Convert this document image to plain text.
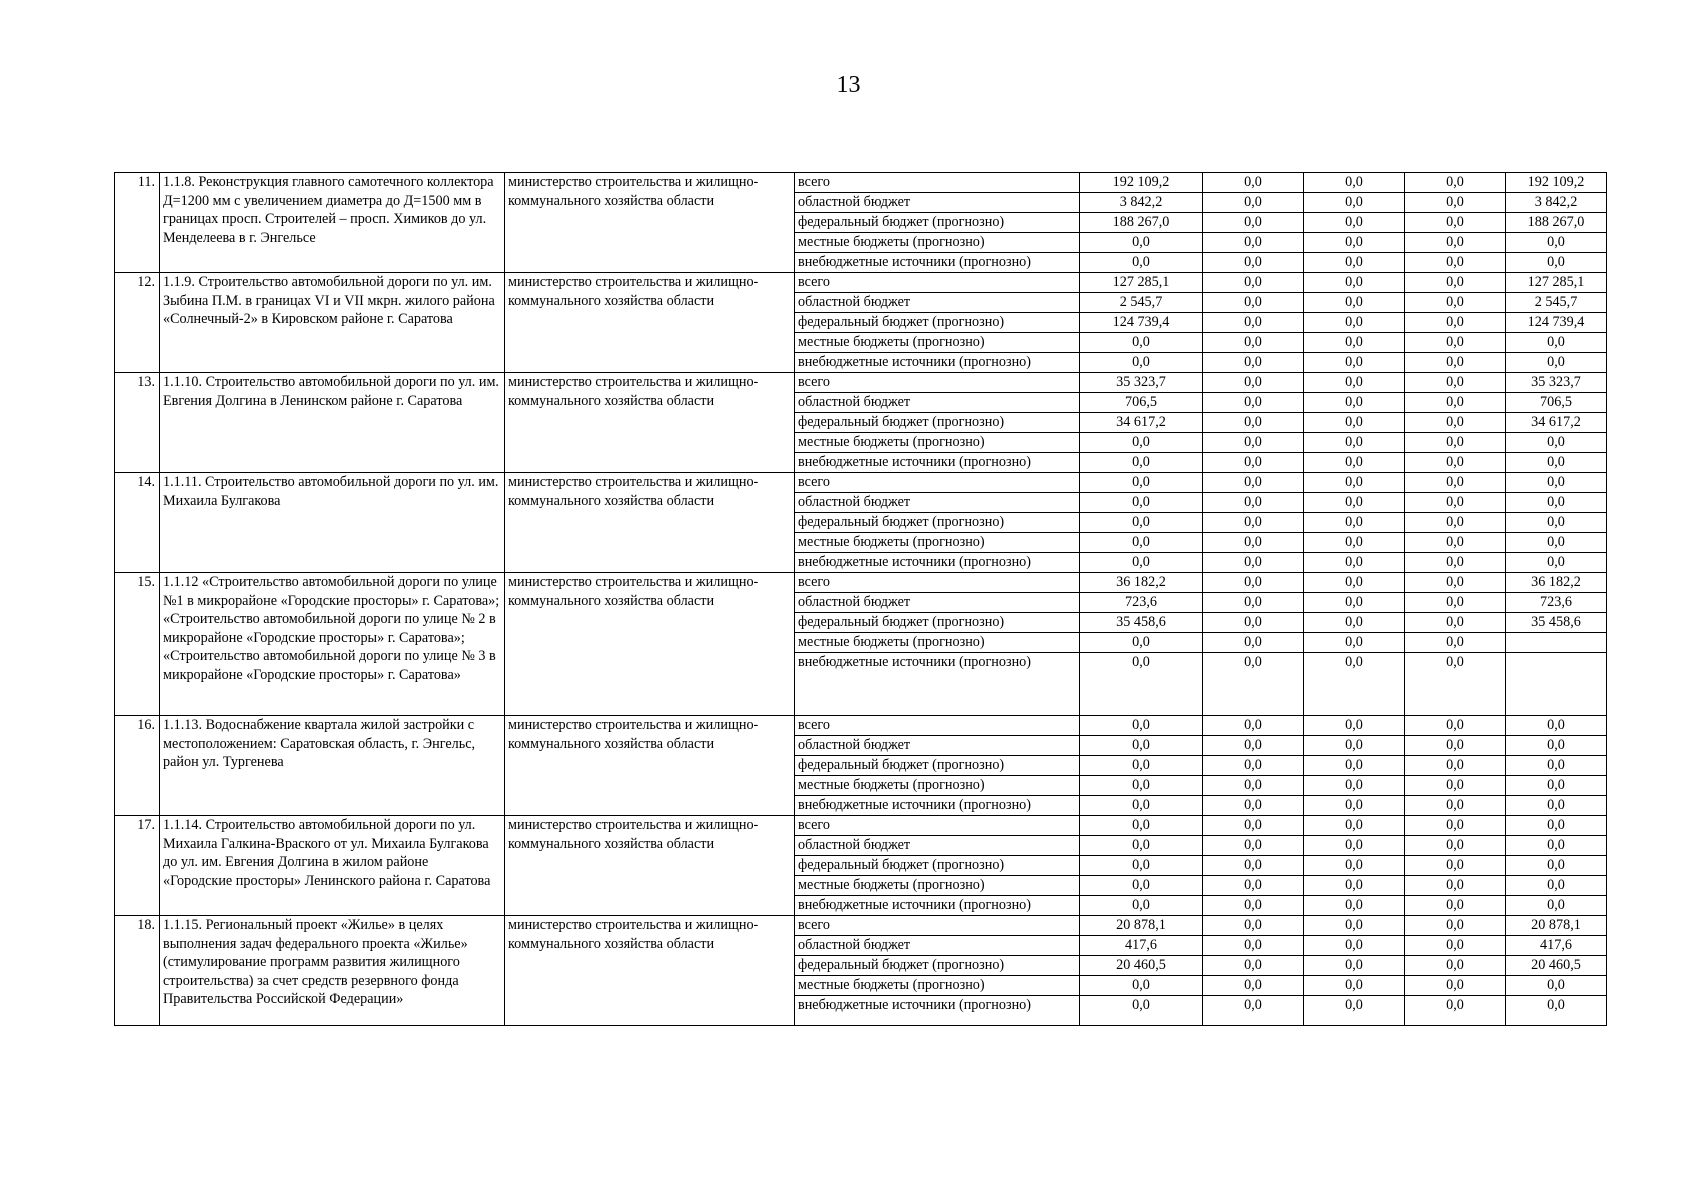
13
11.	1.1.8. Реконструкция главного самотечного коллектора Д=1200 мм с увеличением диаметра до Д=1500 мм в границах просп. Строителей – просп. Химиков до ул. Менделеева в г. Энгельсе	министерство строительства и жилищно-коммунального хозяйства области	всего	192 109,2	0,0	0,0	0,0	192 109,2
			областной бюджет	3 842,2	0,0	0,0	0,0	3 842,2
			федеральный бюджет (прогнозно)	188 267,0	0,0	0,0	0,0	188 267,0
			местные бюджеты (прогнозно)	0,0	0,0	0,0	0,0	0,0
			внебюджетные источники (прогнозно)	0,0	0,0	0,0	0,0	0,0
12.	1.1.9. Строительство автомобильной дороги по ул. им. Зыбина П.М. в границах VI и VII мкрн. жилого района «Солнечный-2» в Кировском районе г. Саратова	министерство строительства и жилищно-коммунального хозяйства области	всего	127 285,1	0,0	0,0	0,0	127 285,1
			областной бюджет	2 545,7	0,0	0,0	0,0	2 545,7
			федеральный бюджет (прогнозно)	124 739,4	0,0	0,0	0,0	124 739,4
			местные бюджеты (прогнозно)	0,0	0,0	0,0	0,0	0,0
			внебюджетные источники (прогнозно)	0,0	0,0	0,0	0,0	0,0
13.	1.1.10. Строительство автомобильной дороги по ул. им. Евгения Долгина в Ленинском районе г. Саратова	министерство строительства и жилищно-коммунального хозяйства области	всего	35 323,7	0,0	0,0	0,0	35 323,7
			областной бюджет	706,5	0,0	0,0	0,0	706,5
			федеральный бюджет (прогнозно)	34 617,2	0,0	0,0	0,0	34 617,2
			местные бюджеты (прогнозно)	0,0	0,0	0,0	0,0	0,0
			внебюджетные источники (прогнозно)	0,0	0,0	0,0	0,0	0,0
14.	1.1.11. Строительство автомобильной дороги по ул. им. Михаила Булгакова	министерство строительства и жилищно-коммунального хозяйства области	всего	0,0	0,0	0,0	0,0	0,0
			областной бюджет	0,0	0,0	0,0	0,0	0,0
			федеральный бюджет (прогнозно)	0,0	0,0	0,0	0,0	0,0
			местные бюджеты (прогнозно)	0,0	0,0	0,0	0,0	0,0
			внебюджетные источники (прогнозно)	0,0	0,0	0,0	0,0	0,0
15.	1.1.12 «Строительство автомобильной дороги по улице №1 в микрорайоне «Городские просторы» г. Саратова»; «Строительство автомобильной дороги по улице № 2 в микрорайоне «Городские просторы» г. Саратова»; «Строительство автомобильной дороги по улице № 3 в микрорайоне «Городские просторы» г. Саратова»	министерство строительства и жилищно-коммунального хозяйства области	всего	36 182,2	0,0	0,0	0,0	36 182,2
			областной бюджет	723,6	0,0	0,0	0,0	723,6
			федеральный бюджет (прогнозно)	35 458,6	0,0	0,0	0,0	35 458,6
			местные бюджеты (прогнозно)	0,0	0,0	0,0	0,0	
			внебюджетные источники (прогнозно)	0,0	0,0	0,0	0,0	
16.	1.1.13. Водоснабжение квартала жилой застройки с местоположением: Саратовская область, г. Энгельс, район ул. Тургенева	министерство строительства и жилищно-коммунального хозяйства области	всего	0,0	0,0	0,0	0,0	0,0
			областной бюджет	0,0	0,0	0,0	0,0	0,0
			федеральный бюджет (прогнозно)	0,0	0,0	0,0	0,0	0,0
			местные бюджеты (прогнозно)	0,0	0,0	0,0	0,0	0,0
			внебюджетные источники (прогнозно)	0,0	0,0	0,0	0,0	0,0
17.	1.1.14. Строительство автомобильной дороги по ул. Михаила Галкина-Враского от ул. Михаила Булгакова до ул. им. Евгения Долгина в жилом районе «Городские просторы» Ленинского района г. Саратова	министерство строительства и жилищно-коммунального хозяйства области	всего	0,0	0,0	0,0	0,0	0,0
			областной бюджет	0,0	0,0	0,0	0,0	0,0
			федеральный бюджет (прогнозно)	0,0	0,0	0,0	0,0	0,0
			местные бюджеты (прогнозно)	0,0	0,0	0,0	0,0	0,0
			внебюджетные источники (прогнозно)	0,0	0,0	0,0	0,0	0,0
18.	1.1.15. Региональный проект «Жилье» в целях выполнения задач федерального проекта «Жилье» (стимулирование программ развития жилищного строительства) за счет средств резервного фонда Правительства Российской Федерации»	министерство строительства и жилищно-коммунального хозяйства области	всего	20 878,1	0,0	0,0	0,0	20 878,1
			областной бюджет	417,6	0,0	0,0	0,0	417,6
			федеральный бюджет (прогнозно)	20 460,5	0,0	0,0	0,0	20 460,5
			местные бюджеты (прогнозно)	0,0	0,0	0,0	0,0	0,0
			внебюджетные источники (прогнозно)	0,0	0,0	0,0	0,0	0,0
